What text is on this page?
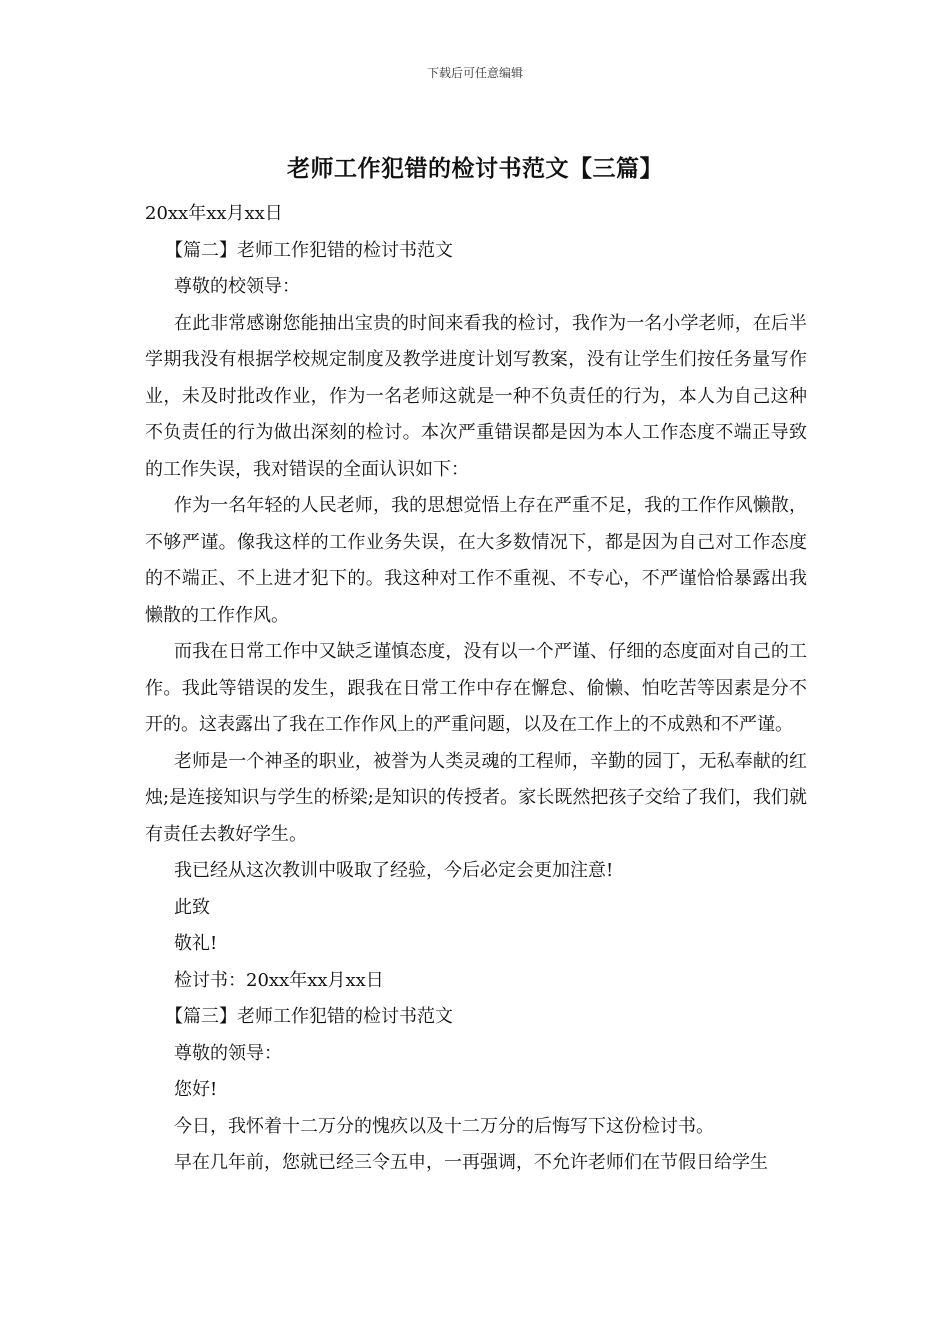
下载后可任意编辑
老师工作犯错的检讨书范文【三篇】

20xx年xx月xx日

【篇二】老师工作犯错的检讨书范文

尊敬的校领导：

在此非常感谢您能抽出宝贵的时间来看我的检讨，我作为一名小学老师，在后半学期我没有根据学校规定制度及教学进度计划写教案，没有让学生们按任务量写作业，未及时批改作业，作为一名老师这就是一种不负责任的行为，本人为自己这种不负责任的行为做出深刻的检讨。本次严重错误都是因为本人工作态度不端正导致的工作失误，我对错误的全面认识如下：

作为一名年轻的人民老师，我的思想觉悟上存在严重不足，我的工作作风懒散，不够严谨。像我这样的工作业务失误，在大多数情况下，都是因为自己对工作态度的不端正、不上进才犯下的。我这种对工作不重视、不专心，不严谨恰恰暴露出我懒散的工作作风。

而我在日常工作中又缺乏谨慎态度，没有以一个严谨、仔细的态度面对自己的工作。我此等错误的发生，跟我在日常工作中存在懈怠、偷懒、怕吃苦等因素是分不开的。这表露出了我在工作作风上的严重问题，以及在工作上的不成熟和不严谨。

老师是一个神圣的职业，被誉为人类灵魂的工程师，辛勤的园丁，无私奉献的红烛;是连接知识与学生的桥梁;是知识的传授者。家长既然把孩子交给了我们，我们就有责任去教好学生。

我已经从这次教训中吸取了经验，今后必定会更加注意!

此致

敬礼!

检讨书：20xx年xx月xx日

【篇三】老师工作犯错的检讨书范文

尊敬的领导：

您好!

今日，我怀着十二万分的愧疚以及十二万分的后悔写下这份检讨书。

早在几年前，您就已经三令五申，一再强调，不允许老师们在节假日给学生
